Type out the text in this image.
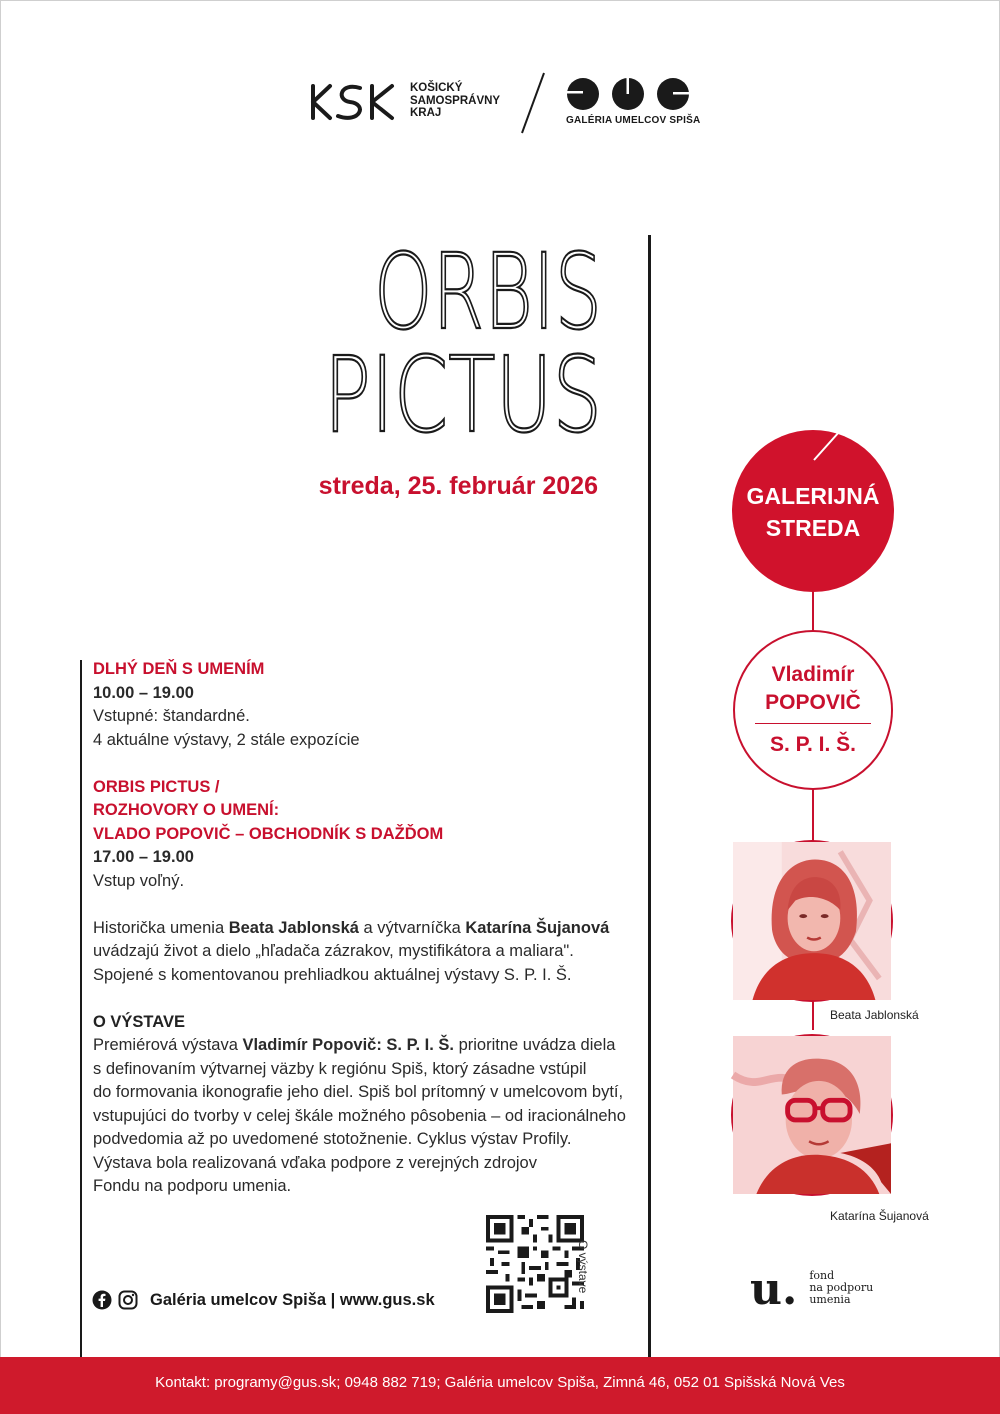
KOŠICKÝ
SAMOSPRÁVNY
KRAJ
GALÉRIA UMELCOV SPIŠA
ORBIS
PICTUS
streda, 25. február 2026
DLHÝ DEŇ S UMENÍM
10.00 – 19.00
Vstupné: štandardné.
4 aktuálne výstavy, 2 stále expozície
ORBIS PICTUS /
ROZHOVORY O UMENÍ:
VLADO POPOVIČ – OBCHODNÍK S DAŽĎOM
17.00 – 19.00
Vstup voľný.
Historička umenia Beata Jablonská a výtvarníčka Katarína Šujanová
uvádzajú život a dielo „hľadača zázrakov, mystifikátora a maliara".
Spojené s komentovanou prehliadkou aktuálnej výstavy S. P. I. Š.
O VÝSTAVE
Premiérová výstava Vladimír Popovič: S. P. I. Š. prioritne uvádza diela
s definovaním výtvarnej väzby k regiónu Spiš, ktorý zásadne vstúpil
do formovania ikonografie jeho diel. Spiš bol prítomný v umelcovom bytí,
vstupujúci do tvorby v celej škále možného pôsobenia – od iracionálneho
podvedomia až po uvedomené stotožnenie. Cyklus výstav Profily.
Výstava bola realizovaná vďaka podpore z verejných zdrojov
Fondu na podporu umenia.
O výstave
Galéria umelcov Spiša | www.gus.sk
GALERIJNÁ
STREDA
Vladimír
POPOVIČ
S. P. I. Š.
Beata Jablonská
Katarína Šujanová
u. fond
na podporu
umenia
Kontakt: programy@gus.sk; 0948 882 719; Galéria umelcov Spiša, Zimná 46, 052 01 Spišská Nová Ves
